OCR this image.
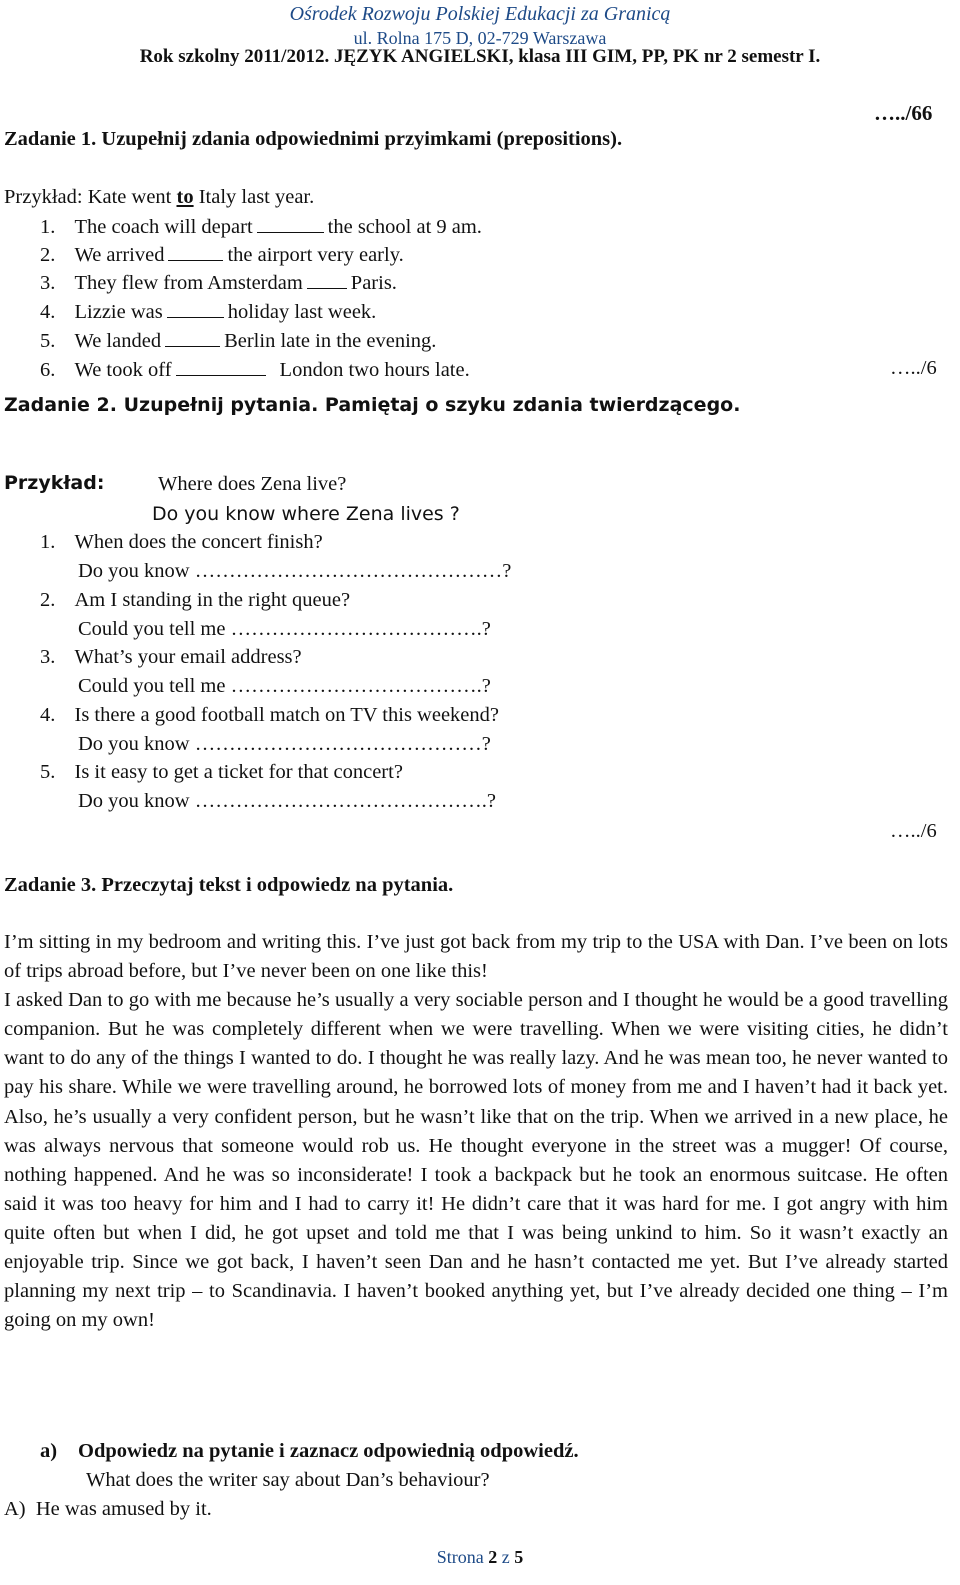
Ośrodek Rozwoju Polskiej Edukacji za Granicą
ul. Rolna 175 D, 02-729 Warszawa
Rok szkolny 2011/2012. JĘZYK ANGIELSKI, klasa III GIM, PP, PK nr 2 semestr I.
…../66
Zadanie 1. Uzupełnij zdania odpowiednimi przyimkami (prepositions).
Przykład: Kate went to Italy last year.
1. The coach will depart	the school at 9 am.
2. We arrived	the airport very early.
3. They flew from Amsterdam Paris.
4. Lizzie was	holiday last week.
5. We landed	Berlin late in the evening.
6. We took off	London two hours late.	…../6
Zadanie 2. Uzupełnij pytania. Pamiętaj o szyku zdania twierdzącego.
Przykład:	Where does Zena live?
Do you know where Zena lives ?
1. When does the concert finish?
Do you know ………………………………………?
2. Am I standing in the right queue?
Could you tell me ……………………………….?
3. What’s your email address?
Could you tell me ……………………………….?
4. Is there a good football match on TV this weekend?
Do you know ……………………………………?
5. Is it easy to get a ticket for that concert?
Do you know …………………………………….?
…../6
Zadanie 3. Przeczytaj tekst i odpowiedz na pytania.

I’m sitting in my bedroom and writing this. I’ve just got back from my trip to the USA with Dan. I’ve been on lots of trips abroad before, but I’ve never been on one like this!

I asked Dan to go with me because he’s usually a very sociable person and I thought he would be a good travelling companion. But he was completely different when we were travelling. When we were visiting cities, he didn’t want to do any of the things I wanted to do. I thought he was really lazy. And he was mean too, he never wanted to pay his share. While we were travelling around, he borrowed lots of money from me and I haven’t had it back yet. Also, he’s usually a very confident person, but he wasn’t like that on the trip. When we arrived in a new place, he was always nervous that someone would rob us. He thought everyone in the street was a mugger! Of course, nothing happened. And he was so inconsiderate! I took a backpack but he took an enormous suitcase. He often said it was too heavy for him and I had to carry it! He didn’t care that it was hard for me. I got angry with him quite often but when I did, he got upset and told me that I was being unkind to him. So it wasn’t exactly an enjoyable trip. Since we got back, I haven’t seen Dan and he hasn’t contacted me yet. But I’ve already started planning my next trip – to Scandinavia. I haven’t booked anything yet, but I’ve already decided one thing – I’m going on my own!

a) Odpowiedz na pytanie i zaznacz odpowiednią odpowiedź.
What does the writer say about Dan’s behaviour?
A)  He was amused by it.
Strona 2 z 5
